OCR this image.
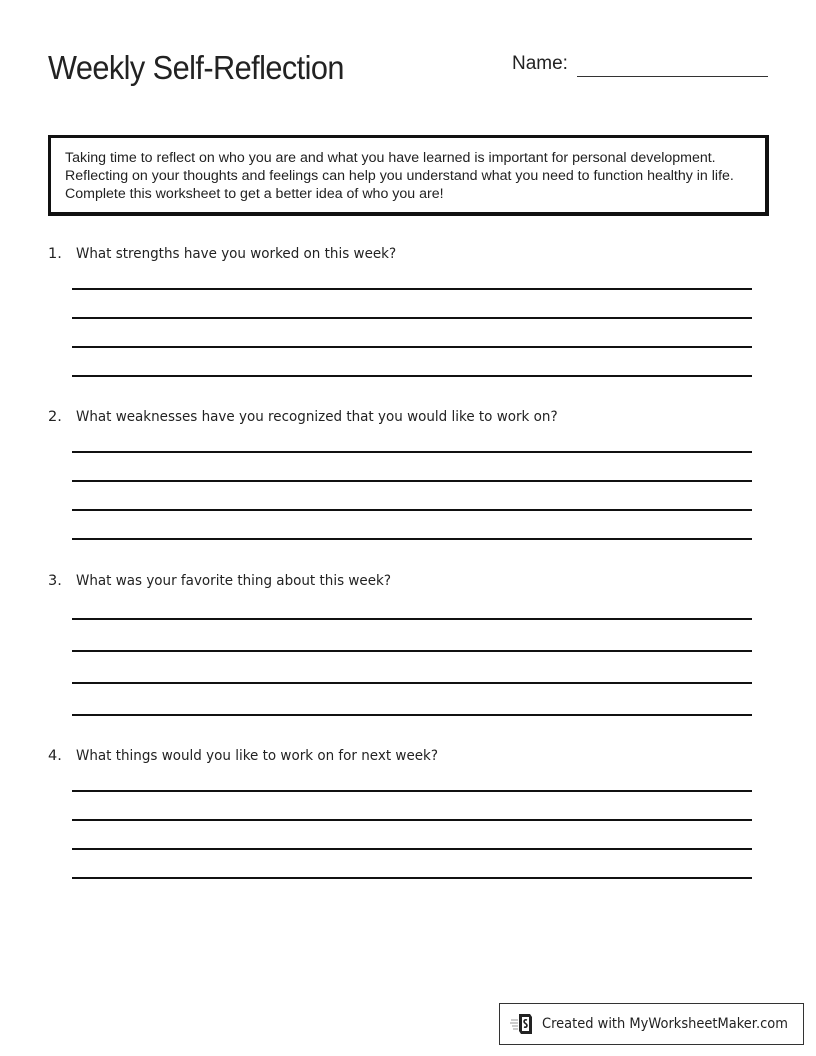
Weekly Self-Reflection	Name:

Taking time to reflect on who you are and what you have learned is important for personal development. Reflecting on your thoughts and feelings can help you understand what you need to function healthy in life. Complete this worksheet to get a better idea of who you are!

1. What strengths have you worked on this week?
2. What weaknesses have you recognized that you would like to work on?
3. What was your favorite thing about this week?
4. What things would you like to work on for next week?
Created with MyWorksheetMaker.com
